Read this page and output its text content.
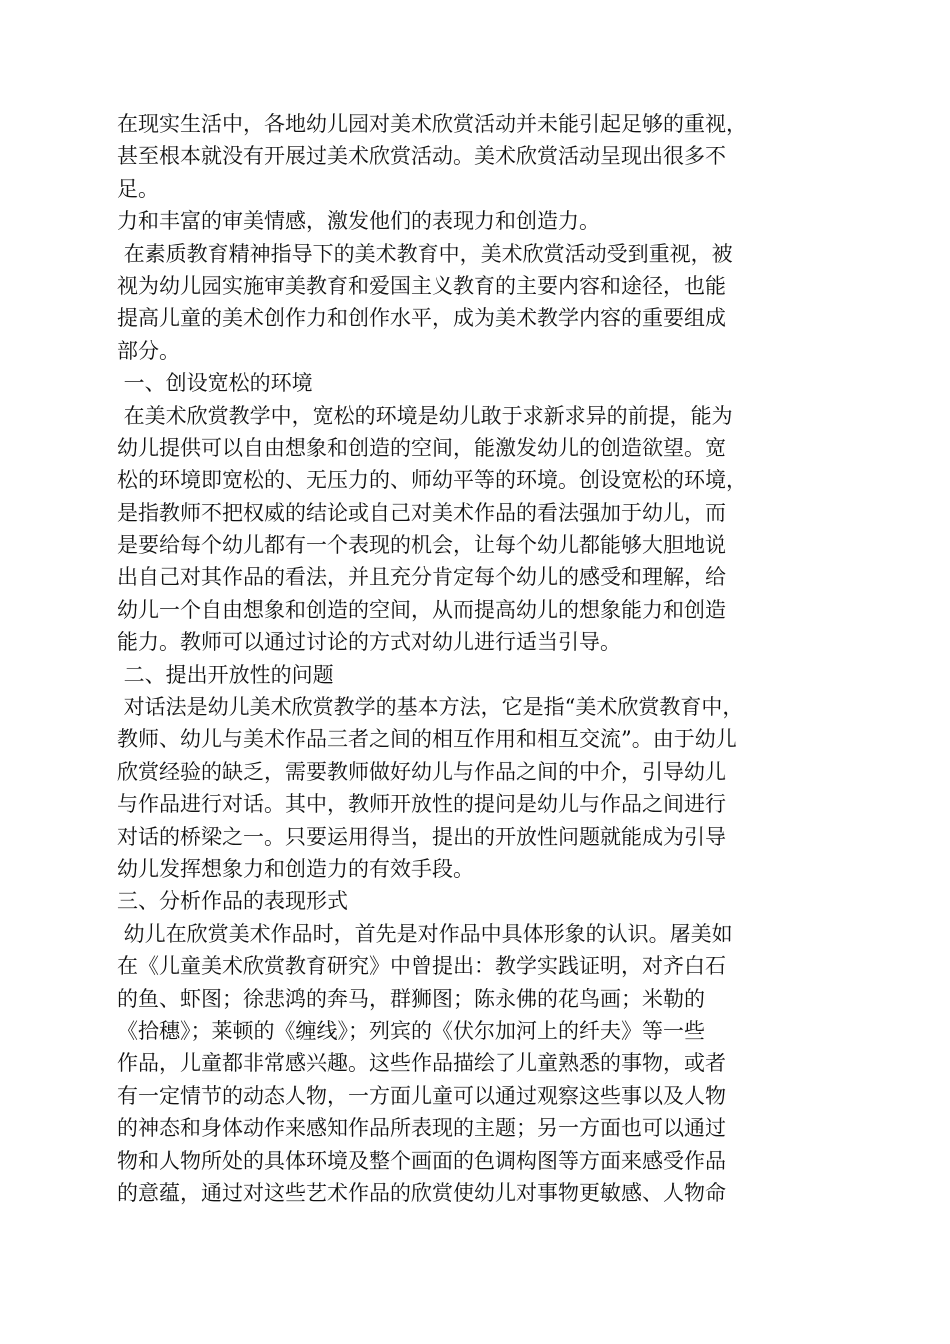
在现实生活中，各地幼儿园对美术欣赏活动并未能引起足够的重视，
甚至根本就没有开展过美术欣赏活动。美术欣赏活动呈现出很多不
足。
力和丰富的审美情感，激发他们的表现力和创造力。
在素质教育精神指导下的美术教育中，美术欣赏活动受到重视，被
视为幼儿园实施审美教育和爱国主义教育的主要内容和途径，也能
提高儿童的美术创作力和创作水平，成为美术教学内容的重要组成
部分。
一、创设宽松的环境
在美术欣赏教学中，宽松的环境是幼儿敢于求新求异的前提，能为
幼儿提供可以自由想象和创造的空间，能激发幼儿的创造欲望。宽
松的环境即宽松的、无压力的、师幼平等的环境。创设宽松的环境，
是指教师不把权威的结论或自己对美术作品的看法强加于幼儿，而
是要给每个幼儿都有一个表现的机会，让每个幼儿都能够大胆地说
出自己对其作品的看法，并且充分肯定每个幼儿的感受和理解，给
幼儿一个自由想象和创造的空间，从而提高幼儿的想象能力和创造
能力。教师可以通过讨论的方式对幼儿进行适当引导。
二、提出开放性的问题
对话法是幼儿美术欣赏教学的基本方法，它是指“美术欣赏教育中，
教师、幼儿与美术作品三者之间的相互作用和相互交流”。由于幼儿
欣赏经验的缺乏，需要教师做好幼儿与作品之间的中介，引导幼儿
与作品进行对话。其中，教师开放性的提问是幼儿与作品之间进行
对话的桥梁之一。只要运用得当，提出的开放性问题就能成为引导
幼儿发挥想象力和创造力的有效手段。
三、分析作品的表现形式
幼儿在欣赏美术作品时，首先是对作品中具体形象的认识。屠美如
在《儿童美术欣赏教育研究》中曾提出：教学实践证明，对齐白石
的鱼、虾图；徐悲鸿的奔马，群狮图；陈永佛的花鸟画；米勒的
《拾穗》；莱顿的《缠线》；列宾的《伏尔加河上的纤夫》等一些
作品，儿童都非常感兴趣。这些作品描绘了儿童熟悉的事物，或者
有一定情节的动态人物，一方面儿童可以通过观察这些事以及人物
的神态和身体动作来感知作品所表现的主题；另一方面也可以通过
物和人物所处的具体环境及整个画面的色调构图等方面来感受作品
的意蕴，通过对这些艺术作品的欣赏使幼儿对事物更敏感、人物命
